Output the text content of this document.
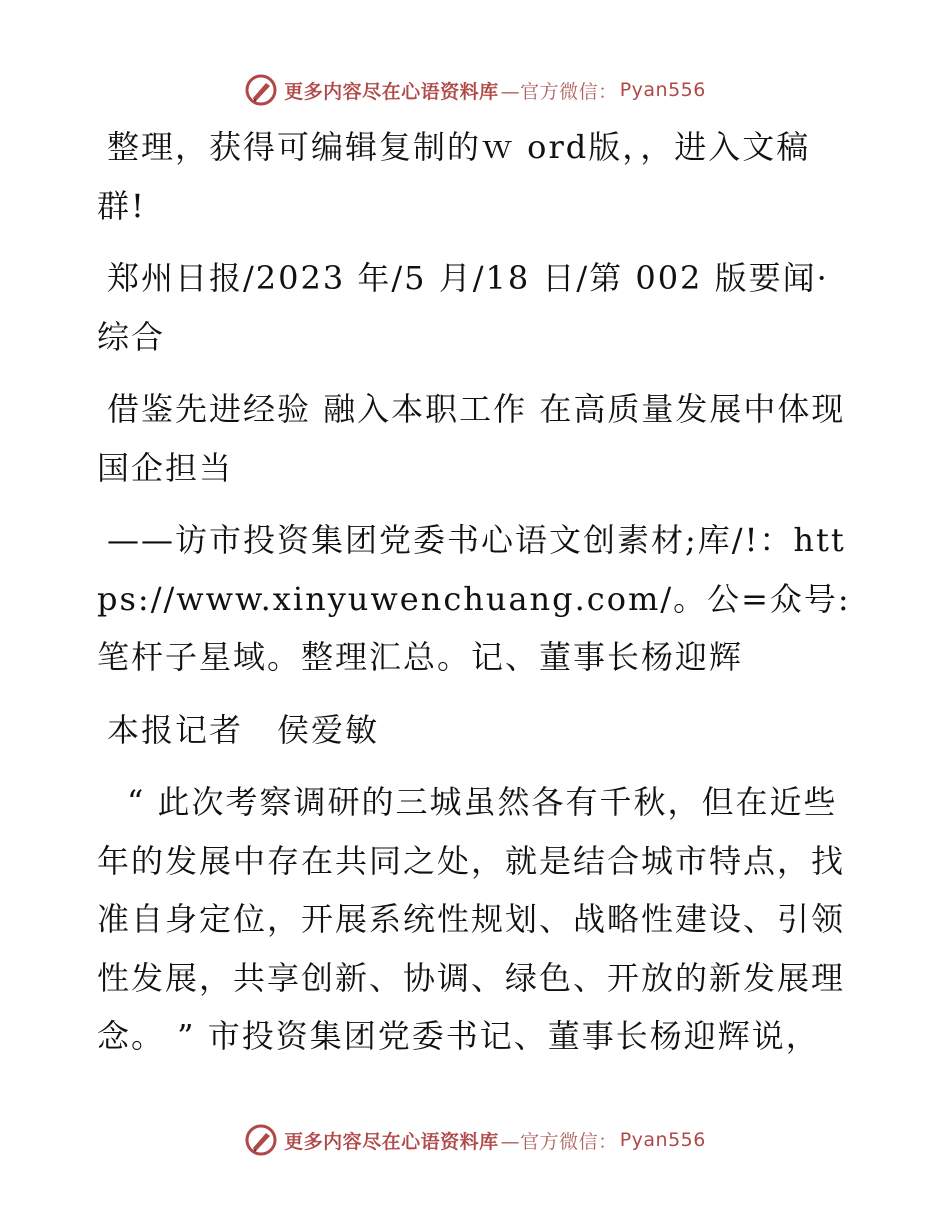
更多内容尽在心语资料库 —官方微信： Pyan556

整理，获得可编辑复制的ｗ ord版，，进入文稿群!

郑州日报/2023 年/5 月/18 日/第 002 版要闻·综合

借鉴先进经验 融入本职工作 在高质量发展中体现国企担当

——访市投资集团党委书心语文创素材;库/!：https://www.xinyuwenchuang.com/。公=众号: 笔杆子星域。整理汇总。记、董事长杨迎辉

本报记者　侯爱敏

“ 此次考察调研的三城虽然各有千秋，但在近些年的发展中存在共同之处，就是结合城市特点，找准自身定位，开展系统性规划、战略性建设、引领性发展，共享创新、协调、绿色、开放的新发展理念。 ” 市投资集团党委书记、董事长杨迎辉说，

更多内容尽在心语资料库 —官方微信： Pyan556
